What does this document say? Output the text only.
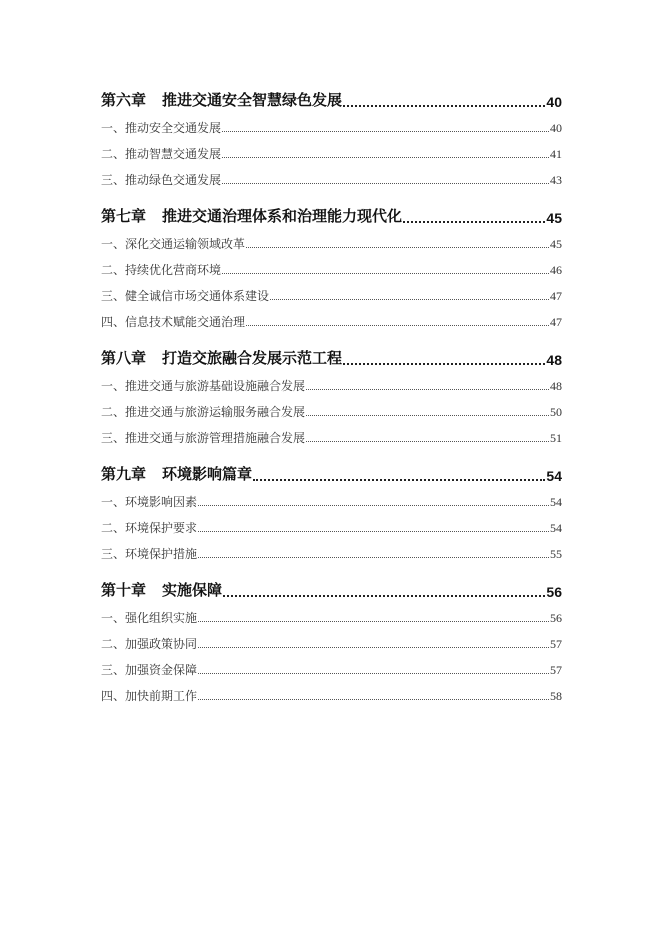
第六章 推进交通安全智慧绿色发展	40
一、推动安全交通发展	40
二、推动智慧交通发展	41
三、推动绿色交通发展	43
第七章 推进交通治理体系和治理能力现代化	45
一、深化交通运输领域改革	45
二、持续优化营商环境	46
三、健全诚信市场交通体系建设	47
四、信息技术赋能交通治理	47
第八章 打造交旅融合发展示范工程	48
一、推进交通与旅游基础设施融合发展	48
二、推进交通与旅游运输服务融合发展	50
三、推进交通与旅游管理措施融合发展	51
第九章 环境影响篇章	54
一、环境影响因素	54
二、环境保护要求	54
三、环境保护措施	55
第十章 实施保障	56
一、强化组织实施	56
二、加强政策协同	57
三、加强资金保障	57
四、加快前期工作	58
